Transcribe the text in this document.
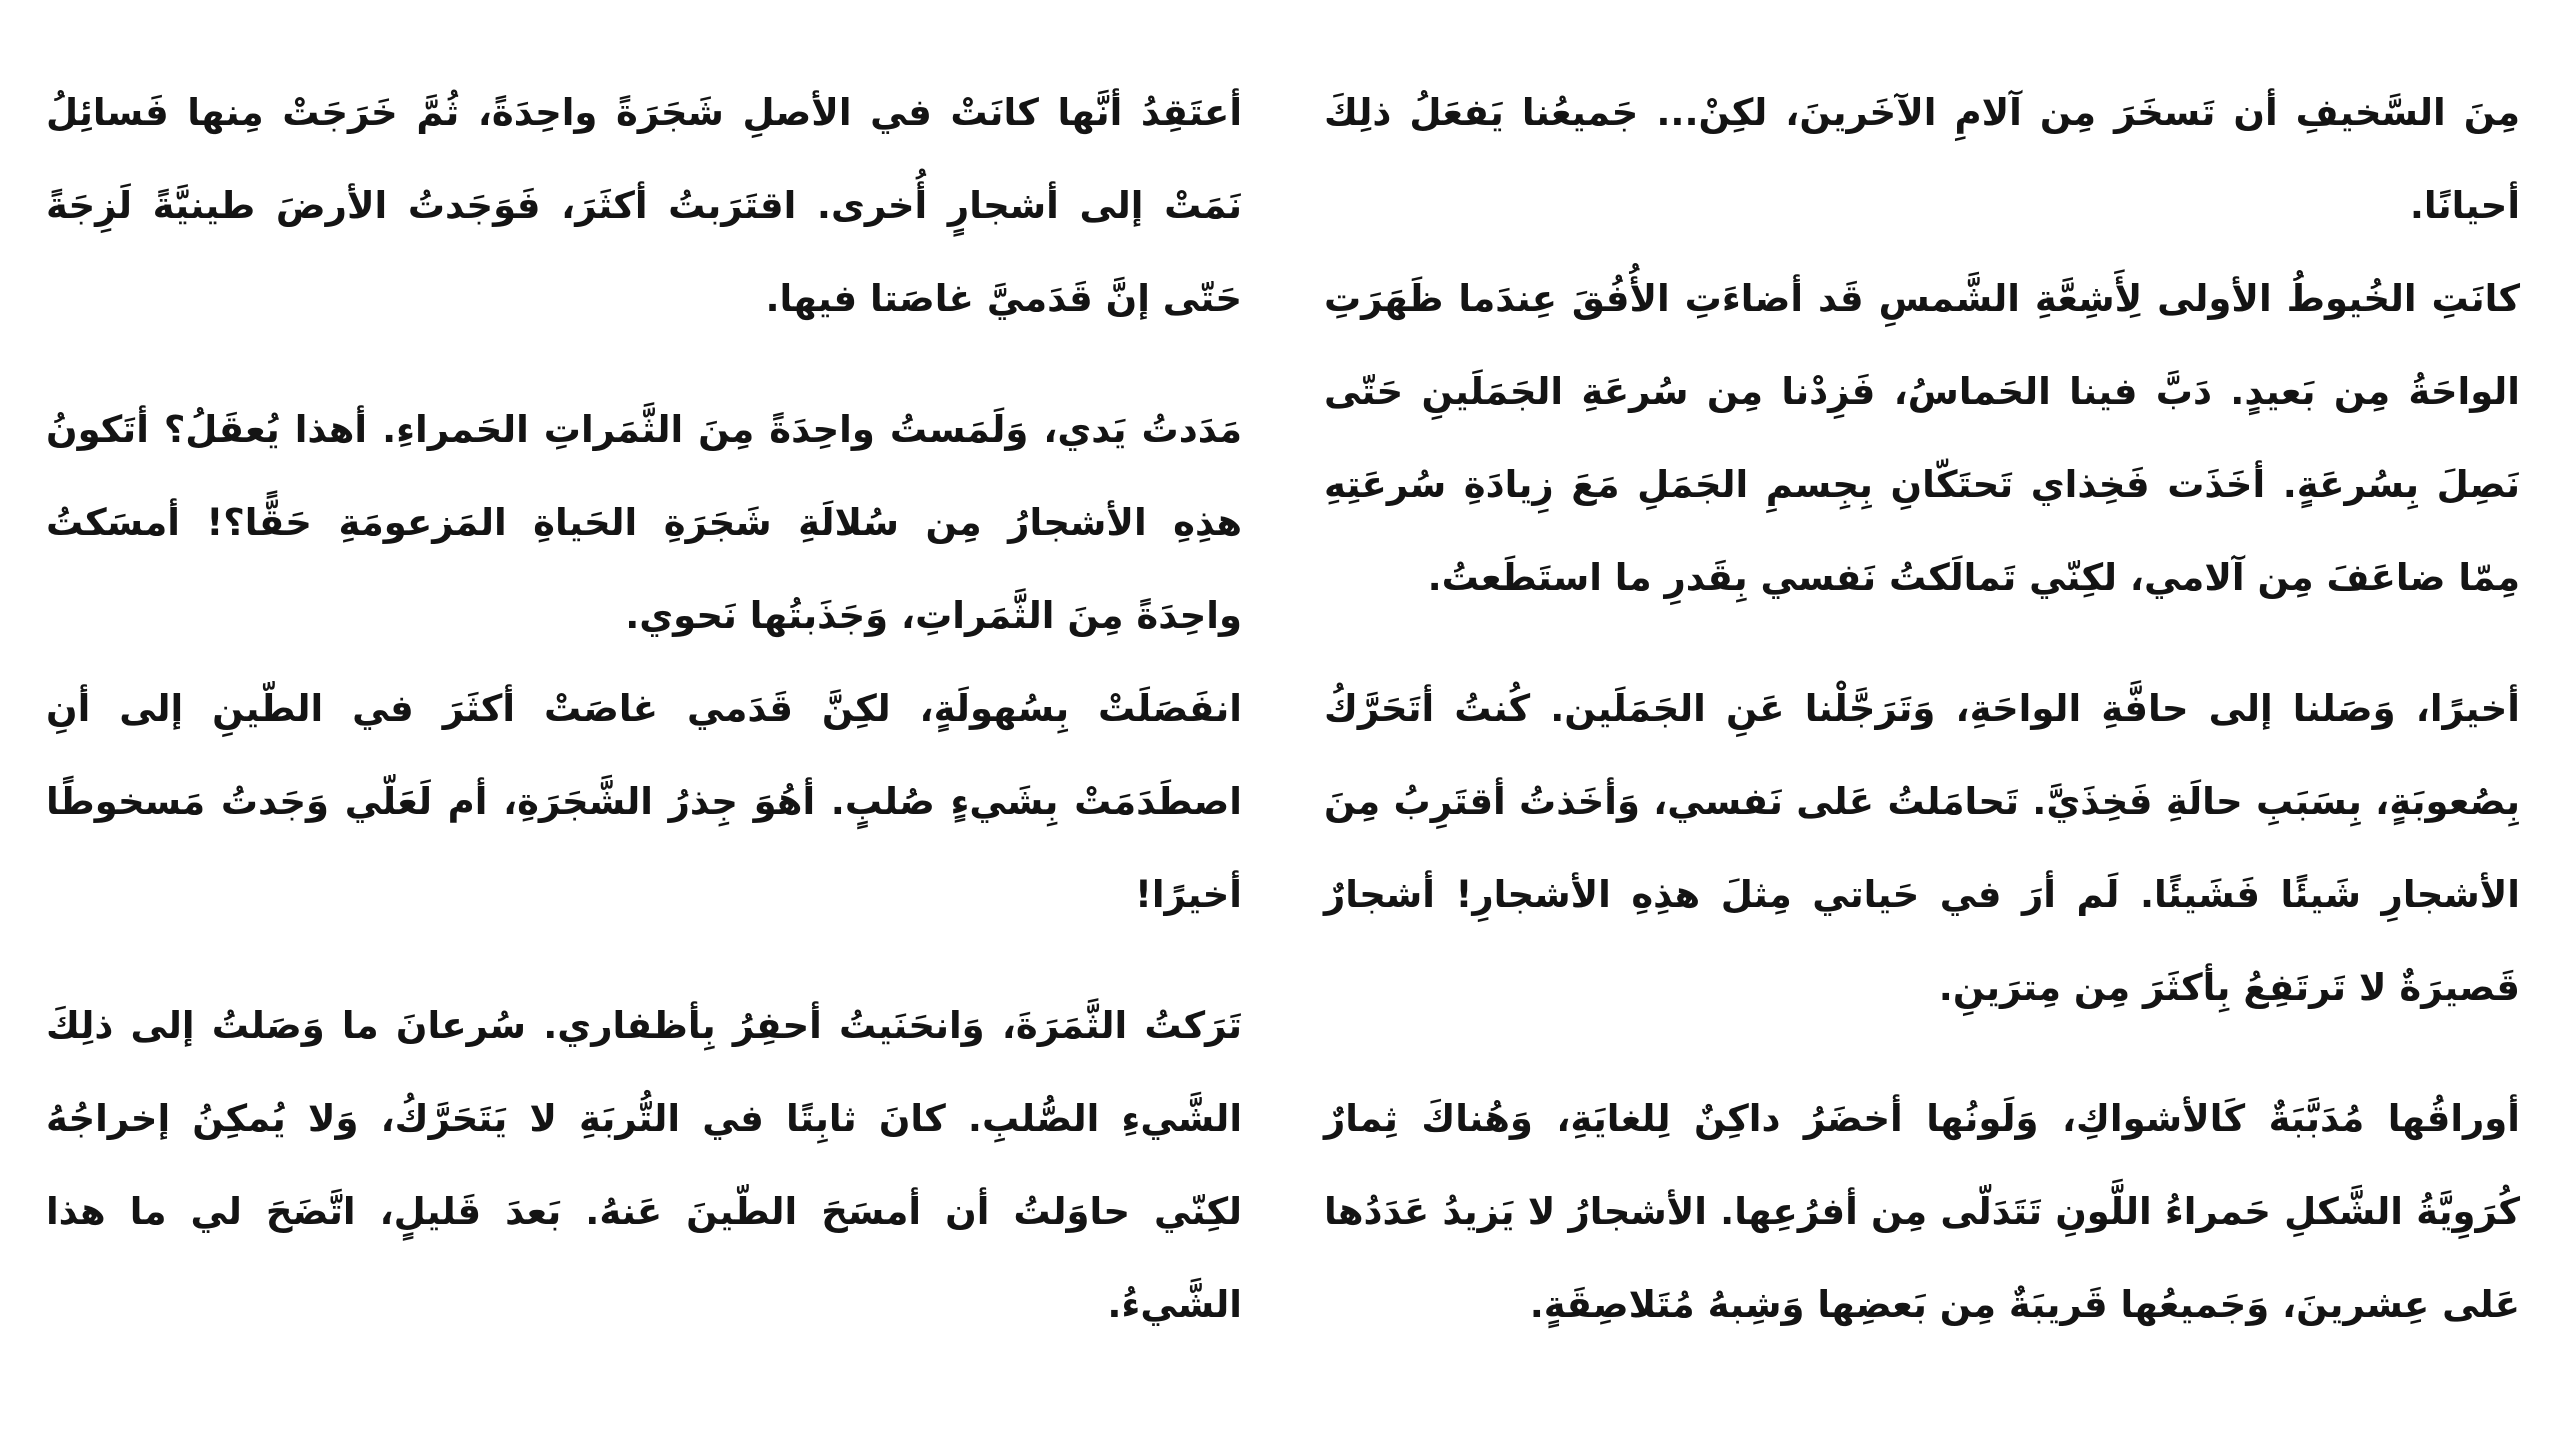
مِنَ السَّخيفِ أن تَسخَرَ مِن آلامِ الآخَرينَ، لكِنْ... جَميعُنا يَفعَلُ ذلِكَ أحيانًا.

كانَتِ الخُيوطُ الأولى لِأَشِعَّةِ الشَّمسِ قَد أضاءَتِ الأُفُقَ عِندَما ظَهَرَتِ الواحَةُ مِن بَعيدٍ. دَبَّ فينا الحَماسُ، فَزِدْنا مِن سُرعَةِ الجَمَلَينِ حَتّى نَصِلَ بِسُرعَةٍ. أخَذَت فَخِذاي تَحتَكّانِ بِجِسمِ الجَمَلِ مَعَ زِيادَةِ سُرعَتِهِ مِمّا ضاعَفَ مِن آلامي، لكِنّي تَمالَكتُ نَفسي بِقَدرِ ما استَطَعتُ.

أخيرًا، وَصَلنا إلى حافَّةِ الواحَةِ، وَتَرَجَّلْنا عَنِ الجَمَلَين. كُنتُ أتَحَرَّكُ بِصُعوبَةٍ، بِسَبَبِ حالَةِ فَخِذَيَّ. تَحامَلتُ عَلى نَفسي، وَأخَذتُ أقتَرِبُ مِنَ الأشجارِ شَيئًا فَشَيئًا. لَم أرَ في حَياتي مِثلَ هذِهِ الأشجارِ! أشجارٌ قَصيرَةٌ لا تَرتَفِعُ بِأكثَرَ مِن مِترَينِ.

أوراقُها مُدَبَّبَةٌ كَالأشواكِ، وَلَونُها أخضَرُ داكِنٌ لِلغايَةِ، وَهُناكَ ثِمارٌ كُرَوِيَّةُ الشَّكلِ حَمراءُ اللَّونِ تَتَدَلّى مِن أفرُعِها. الأشجارُ لا يَزيدُ عَدَدُها عَلى عِشرينَ، وَجَميعُها قَريبَةٌ مِن بَعضِها وَشِبهُ مُتَلاصِقَةٍ.

أعتَقِدُ أنَّها كانَتْ في الأصلِ شَجَرَةً واحِدَةً، ثُمَّ خَرَجَتْ مِنها فَسائِلُ نَمَتْ إلى أشجارٍ أُخرى. اقتَرَبتُ أكثَرَ، فَوَجَدتُ الأرضَ طينيَّةً لَزِجَةً حَتّى إنَّ قَدَميَّ غاصَتا فيها.

مَدَدتُ يَدي، وَلَمَستُ واحِدَةً مِنَ الثَّمَراتِ الحَمراءِ. أهذا يُعقَلُ؟ أتَكونُ هذِهِ الأشجارُ مِن سُلالَةِ شَجَرَةِ الحَياةِ المَزعومَةِ حَقًّا؟! أمسَكتُ واحِدَةً مِنَ الثَّمَراتِ، وَجَذَبتُها نَحوي.

انفَصَلَتْ بِسُهولَةٍ، لكِنَّ قَدَمي غاصَتْ أكثَرَ في الطّينِ إلى أنِ اصطَدَمَتْ بِشَيءٍ صُلبٍ. أهُوَ جِذرُ الشَّجَرَةِ، أم لَعَلّي وَجَدتُ مَسخوطًا أخيرًا!

تَرَكتُ الثَّمَرَةَ، وَانحَنَيتُ أحفِرُ بِأظفاري. سُرعانَ ما وَصَلتُ إلى ذلِكَ الشَّيءِ الصُّلبِ. كانَ ثابِتًا في التُّربَةِ لا يَتَحَرَّكُ، وَلا يُمكِنُ إخراجُهُ لكِنّي حاوَلتُ أن أمسَحَ الطّينَ عَنهُ. بَعدَ قَليلٍ، اتَّضَحَ لي ما هذا الشَّيءُ.
